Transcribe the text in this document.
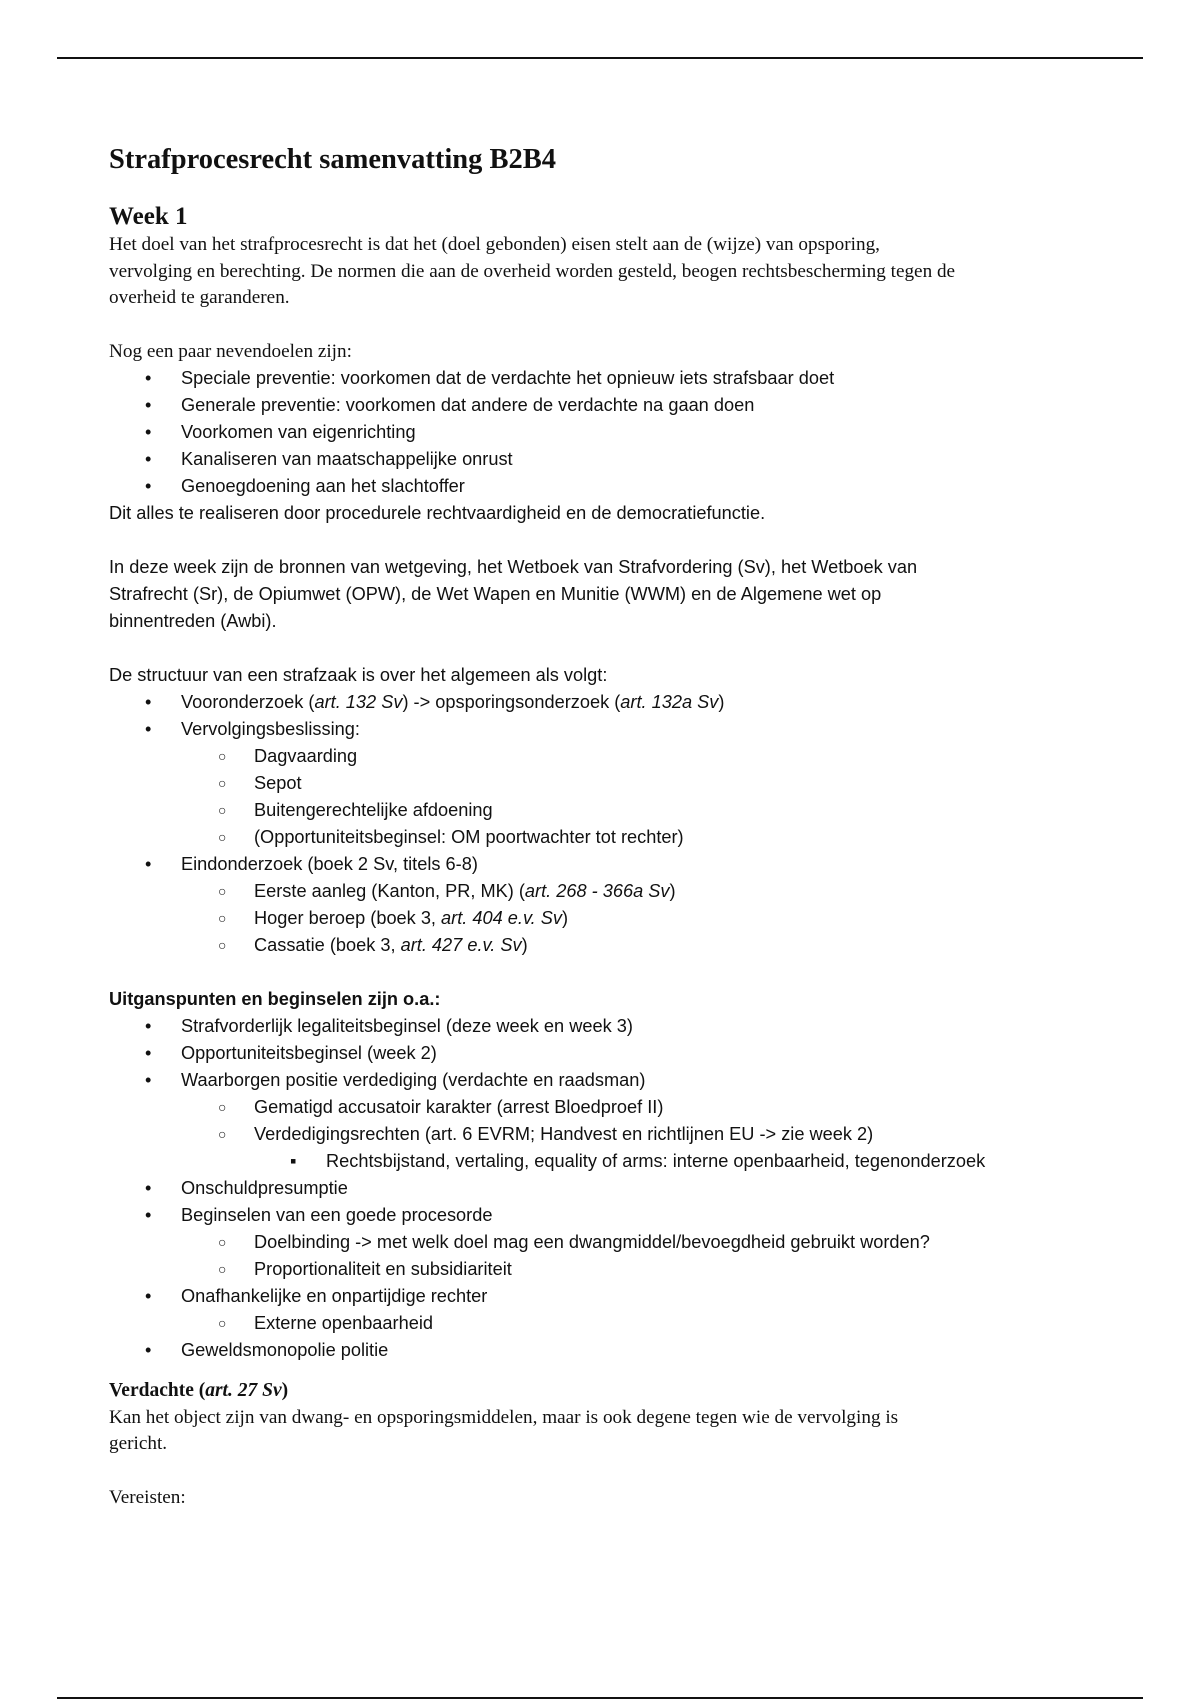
Strafprocesrecht samenvatting B2B4
Week 1

Het doel van het strafprocesrecht is dat het (doel gebonden) eisen stelt aan de (wijze) van opsporing,

vervolging en berechting. De normen die aan de overheid worden gesteld, beogen rechtsbescherming tegen de

overheid te garanderen.

Nog een paar nevendoelen zijn:

• Speciale preventie: voorkomen dat de verdachte het opnieuw iets strafsbaar doet
• Generale preventie: voorkomen dat andere de verdachte na gaan doen
• Voorkomen van eigenrichting
• Kanaliseren van maatschappelijke onrust
• Genoegdoening aan het slachtoffer

Dit alles te realiseren door procedurele rechtvaardigheid en de democratiefunctie.

In deze week zijn de bronnen van wetgeving, het Wetboek van Strafvordering (Sv), het Wetboek van

Strafrecht (Sr), de Opiumwet (OPW), de Wet Wapen en Munitie (WWM) en de Algemene wet op

binnentreden (Awbi).

De structuur van een strafzaak is over het algemeen als volgt:

• Vooronderzoek (art. 132 Sv) -> opsporingsonderzoek (art. 132a Sv)
• Vervolgingsbeslissing:
○ Dagvaarding
○ Sepot
○ Buitengerechtelijke afdoening
○ (Opportuniteitsbeginsel: OM poortwachter tot rechter)
• Eindonderzoek (boek 2 Sv, titels 6-8)
○ Eerste aanleg (Kanton, PR, MK) (art. 268 - 366a Sv)
○ Hoger beroep (boek 3, art. 404 e.v. Sv)
○ Cassatie (boek 3, art. 427 e.v. Sv)

Uitganspunten en beginselen zijn o.a.:

• Strafvorderlijk legaliteitsbeginsel (deze week en week 3)
• Opportuniteitsbeginsel (week 2)
• Waarborgen positie verdediging (verdachte en raadsman)
○ Gematigd accusatoir karakter (arrest Bloedproef II)
○ Verdedigingsrechten (art. 6 EVRM; Handvest en richtlijnen EU -> zie week 2)
▪ Rechtsbijstand, vertaling, equality of arms: interne openbaarheid, tegenonderzoek
• Onschuldpresumptie
• Beginselen van een goede procesorde
○ Doelbinding -> met welk doel mag een dwangmiddel/bevoegdheid gebruikt worden?
○ Proportionaliteit en subsidiariteit
• Onafhankelijke en onpartijdige rechter
○ Externe openbaarheid
• Geweldsmonopolie politie

Verdachte (art. 27 Sv)

Kan het object zijn van dwang- en opsporingsmiddelen, maar is ook degene tegen wie de vervolging is

gericht.

Vereisten:
